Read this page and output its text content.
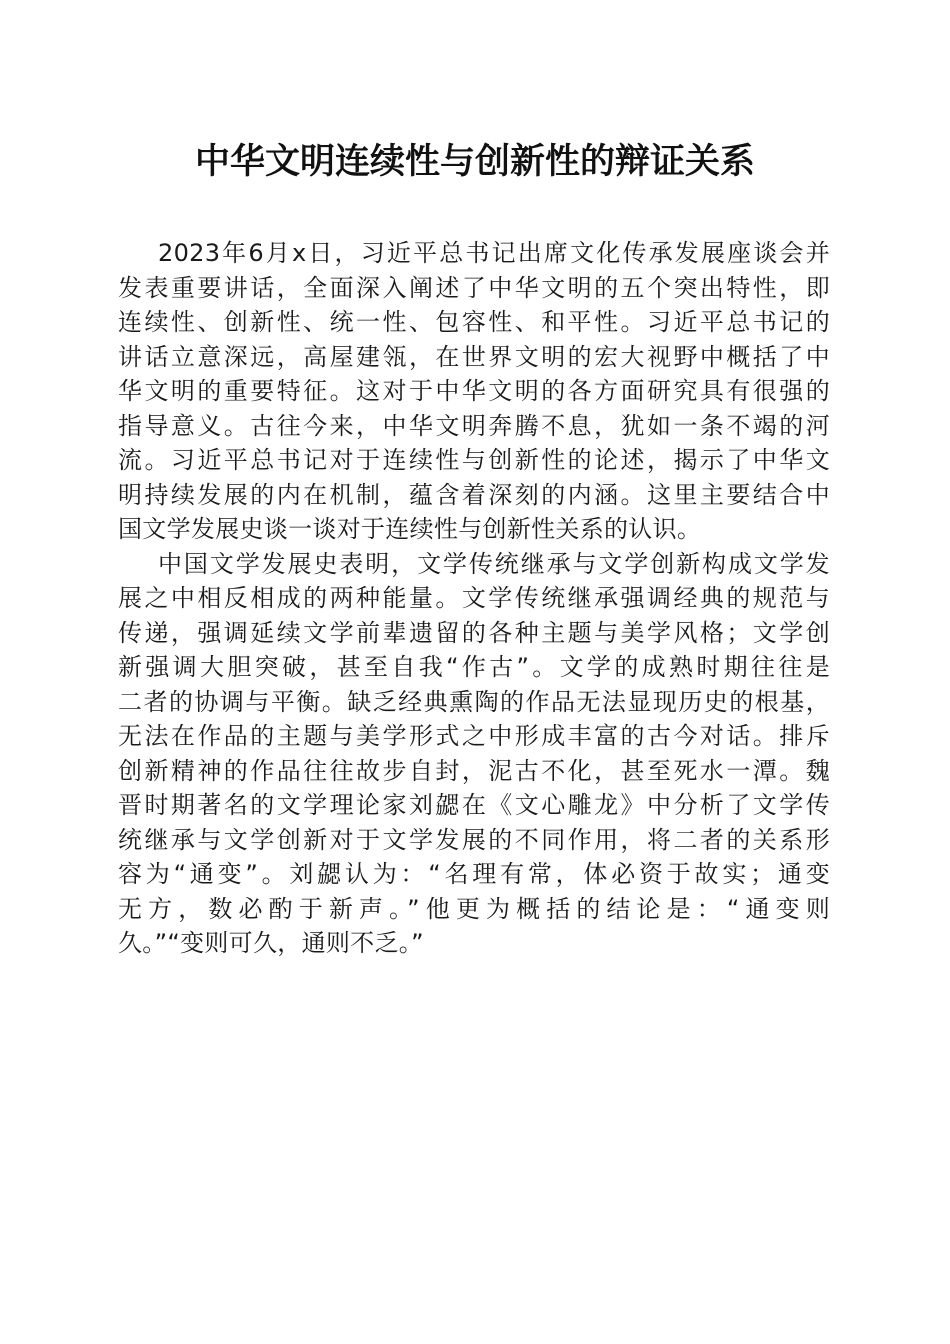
中华文明连续性与创新性的辩证关系
2023年6月x日，习近平总书记出席文化传承发展座谈会并
发表重要讲话，全面深入阐述了中华文明的五个突出特性，即
连续性、创新性、统一性、包容性、和平性。习近平总书记的
讲话立意深远，高屋建瓴，在世界文明的宏大视野中概括了中
华文明的重要特征。这对于中华文明的各方面研究具有很强的
指导意义。古往今来，中华文明奔腾不息，犹如一条不竭的河
流。习近平总书记对于连续性与创新性的论述，揭示了中华文
明持续发展的内在机制，蕴含着深刻的内涵。这里主要结合中
国文学发展史谈一谈对于连续性与创新性关系的认识。
中国文学发展史表明，文学传统继承与文学创新构成文学发
展之中相反相成的两种能量。文学传统继承强调经典的规范与
传递，强调延续文学前辈遗留的各种主题与美学风格；文学创
新强调大胆突破，甚至自我“作古”。文学的成熟时期往往是
二者的协调与平衡。缺乏经典熏陶的作品无法显现历史的根基，
无法在作品的主题与美学形式之中形成丰富的古今对话。排斥
创新精神的作品往往故步自封，泥古不化，甚至死水一潭。魏
晋时期著名的文学理论家刘勰在《文心雕龙》中分析了文学传
统继承与文学创新对于文学发展的不同作用，将二者的关系形
容为“通变”。刘勰认为：“名理有常，体必资于故实；通变
无方，数必酌于新声。”他更为概括的结论是：“通变则
久。”“变则可久，通则不乏。”
